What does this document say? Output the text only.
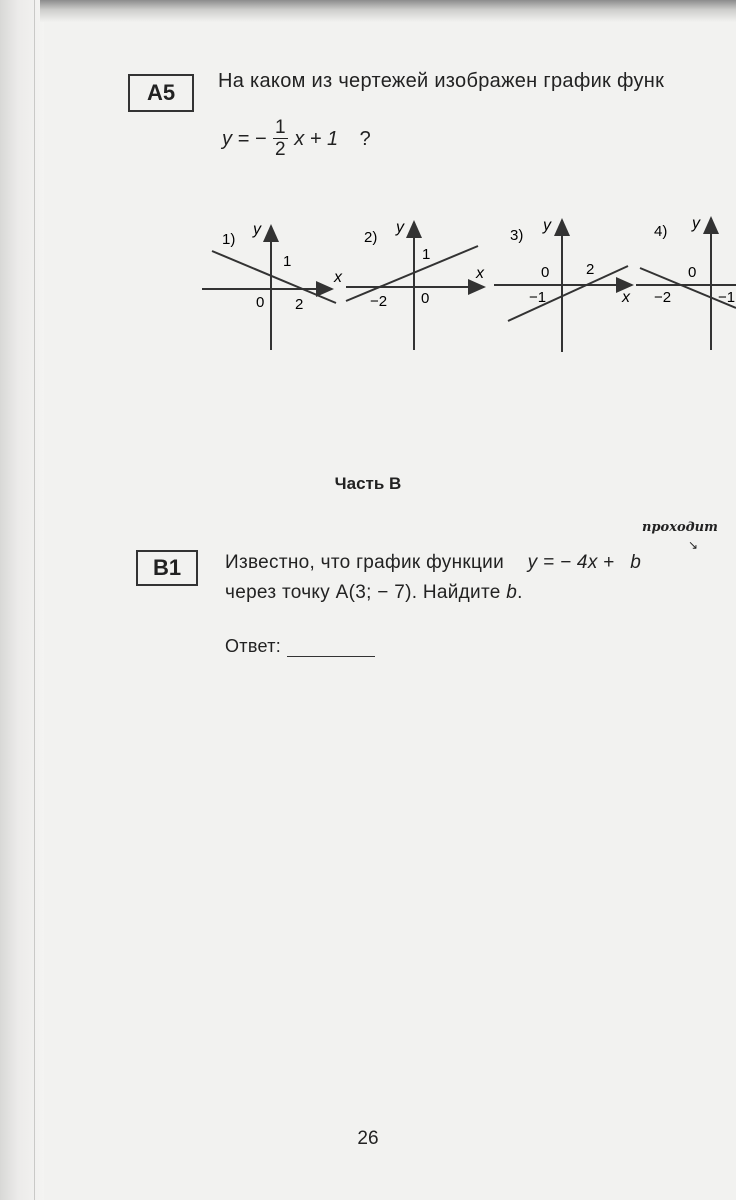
A5	На каком из чертежей изображен график функ
y = − $\frac{1}{2}$ x + 1 ?
1)
x
y
1
0 2
2)
x
y
1
−2 0
3)
x
y
0 2
−1
4) y
0
−2	−1
Часть В
проходит
↘
В1	Известно, что график функции y = − 4x + b
через точку А(3; − 7). Найдите b.
Ответ:
26
